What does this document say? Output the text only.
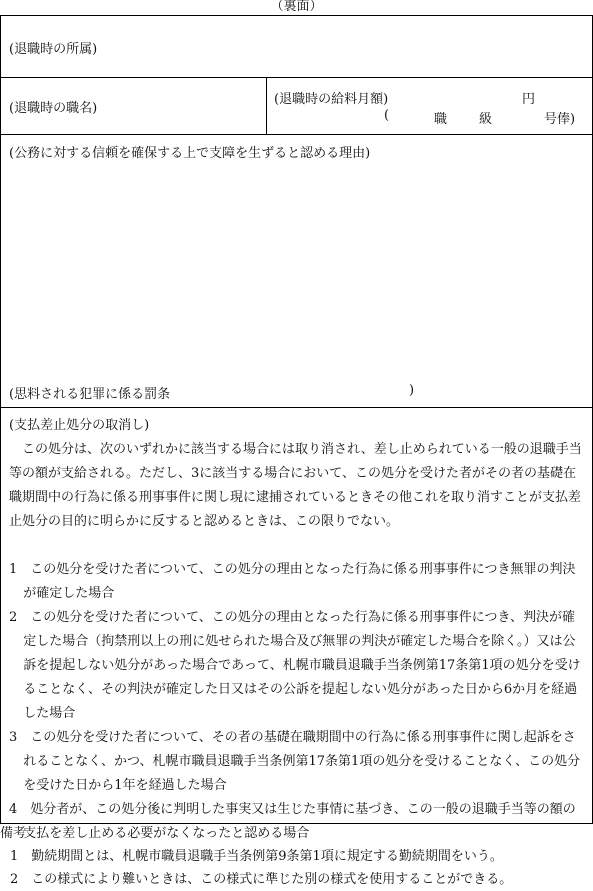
（裏面）
(退職時の所属)
(退職時の職名)
(退職時の給料月額)	円
(	職 級	号俸)
(公務に対する信頼を確保する上で支障を生ずると認める理由)
(思料される犯罪に係る罰条	)

(支払差止処分の取消し)

この処分は、次のいずれかに該当する場合には取り消され、差し止められている一般の退職手当等の額が支給される。ただし、3に該当する場合において、この処分を受けた者がその者の基礎在職期間中の行為に係る刑事事件に関し現に逮捕されているときその他これを取り消すことが支払差止処分の目的に明らかに反すると認めるときは、この限りでない。

1　この処分を受けた者について、この処分の理由となった行為に係る刑事事件につき無罪の判決が確定した場合

2　この処分を受けた者について、この処分の理由となった行為に係る刑事事件につき、判決が確定した場合（拘禁刑以上の刑に処せられた場合及び無罪の判決が確定した場合を除く。）又は公訴を提起しない処分があった場合であって、札幌市職員退職手当条例第17条第1項の処分を受けることなく、その判決が確定した日又はその公訴を提起しない処分があった日から6か月を経過した場合

3　この処分を受けた者について、その者の基礎在職期間中の行為に係る刑事事件に関し起訴をされることなく、かつ、札幌市職員退職手当条例第17条第1項の処分を受けることなく、この処分を受けた日から1年を経過した場合

4　処分者が、この処分後に判明した事実又は生じた事情に基づき、この一般の退職手当等の額の支払を差し止める必要がなくなったと認める場合

備考
1　勤続期間とは、札幌市職員退職手当条例第9条第1項に規定する勤続期間をいう。
2　この様式により難いときは、この様式に準じた別の様式を使用することができる。
